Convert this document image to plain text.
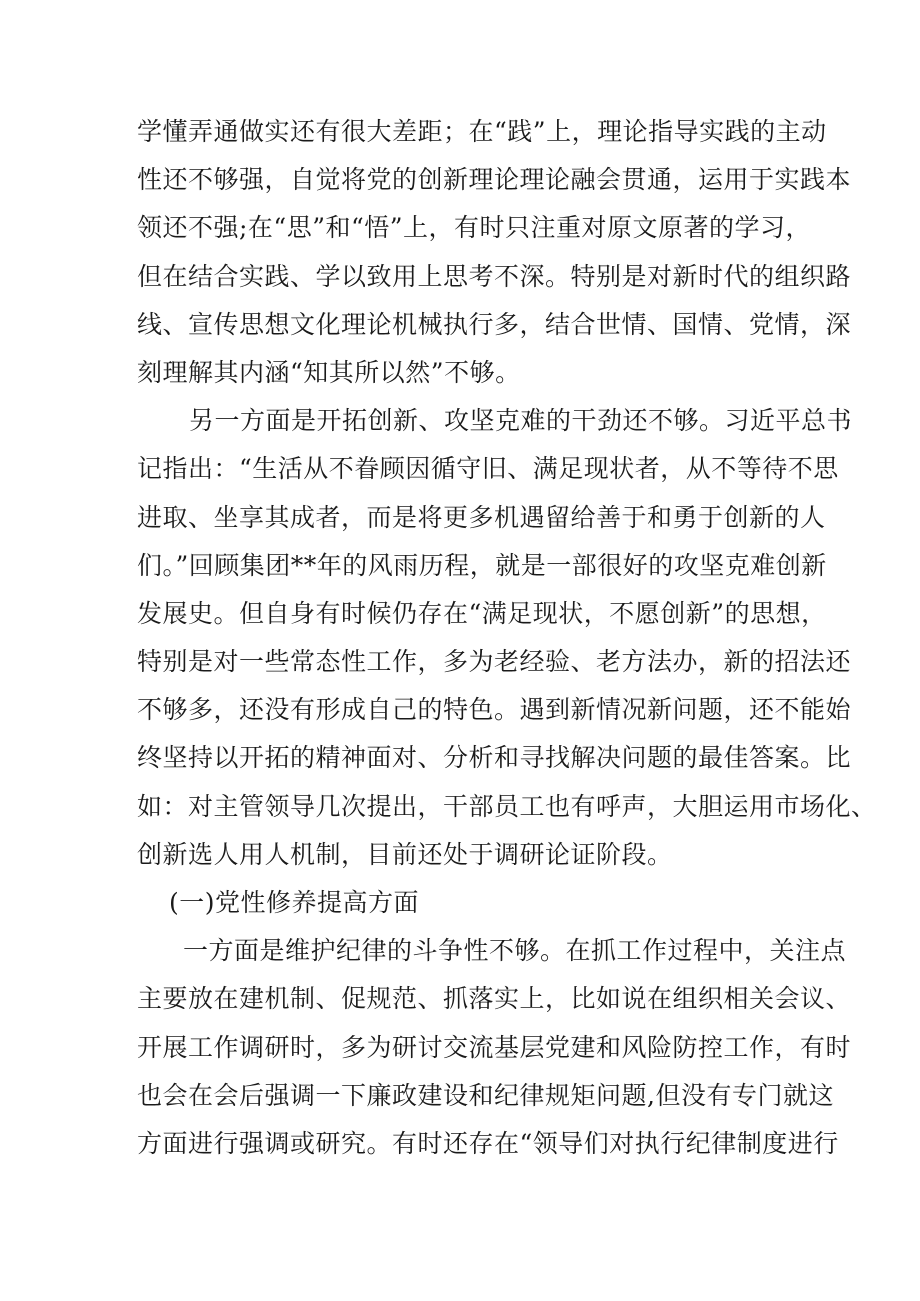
学懂弄通做实还有很大差距；在“践”上，理论指导实践的主动
性还不够强，自觉将党的创新理论理论融会贯通，运用于实践本
领还不强;在“思”和“悟”上，有时只注重对原文原著的学习，
但在结合实践、学以致用上思考不深。特别是对新时代的组织路
线、宣传思想文化理论机械执行多，结合世情、国情、党情，深
刻理解其内涵“知其所以然”不够。
另一方面是开拓创新、攻坚克难的干劲还不够。习近平总书
记指出：“生活从不眷顾因循守旧、满足现状者，从不等待不思
进取、坐享其成者，而是将更多机遇留给善于和勇于创新的人
们。”回顾集团**年的风雨历程，就是一部很好的攻坚克难创新
发展史。但自身有时候仍存在“满足现状，不愿创新”的思想，
特别是对一些常态性工作，多为老经验、老方法办，新的招法还
不够多，还没有形成自己的特色。遇到新情况新问题，还不能始
终坚持以开拓的精神面对、分析和寻找解决问题的最佳答案。比
如：对主管领导几次提出，干部员工也有呼声，大胆运用市场化、
创新选人用人机制，目前还处于调研论证阶段。
(一)党性修养提高方面
一方面是维护纪律的斗争性不够。在抓工作过程中，关注点
主要放在建机制、促规范、抓落实上，比如说在组织相关会议、
开展工作调研时，多为研讨交流基层党建和风险防控工作，有时
也会在会后强调一下廉政建设和纪律规矩问题,但没有专门就这
方面进行强调或研究。有时还存在“领导们对执行纪律制度进行
